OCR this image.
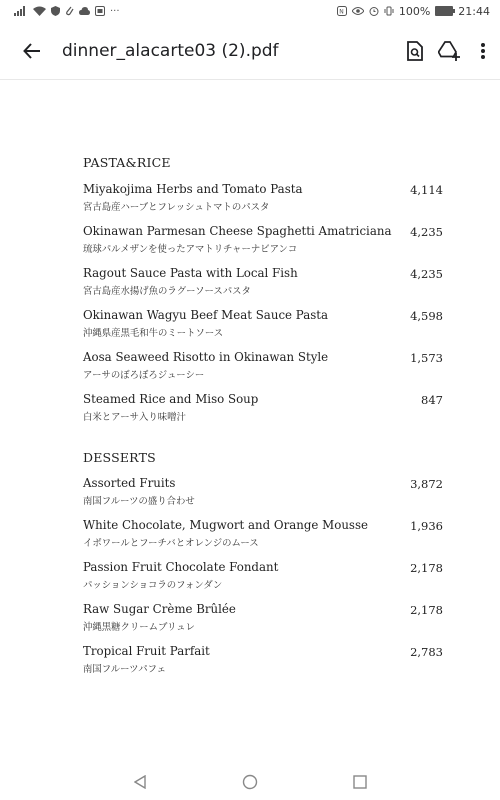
···	N	100%	21:44
dinner_alacarte03 (2).pdf
PASTA&RICE
Miyakojima Herbs and Tomato Pasta
宮古島産ハーブとフレッシュトマトのパスタ
4,114
Okinawan Parmesan Cheese Spaghetti Amatriciana
琉球パルメザンを使ったアマトリチャーナビアンコ
4,235
Ragout Sauce Pasta with Local Fish
宮古島産水揚げ魚のラグーソースパスタ
4,235
Okinawan Wagyu Beef Meat Sauce Pasta
沖縄県産黒毛和牛のミートソース
4,598
Aosa Seaweed Risotto in Okinawan Style
アーサのぼろぼろジューシー
1,573
Steamed Rice and Miso Soup
白米とアーサ入り味噌汁
847
DESSERTS
Assorted Fruits
南国フルーツの盛り合わせ
3,872
White Chocolate, Mugwort and Orange Mousse
イボワールとフーチバとオレンジのムース
1,936
Passion Fruit Chocolate Fondant
パッションショコラのフォンダン
2,178
Raw Sugar Crème Brûlée
沖縄黒糖クリームブリュレ
2,178
Tropical Fruit Parfait
南国フルーツパフェ
2,783
